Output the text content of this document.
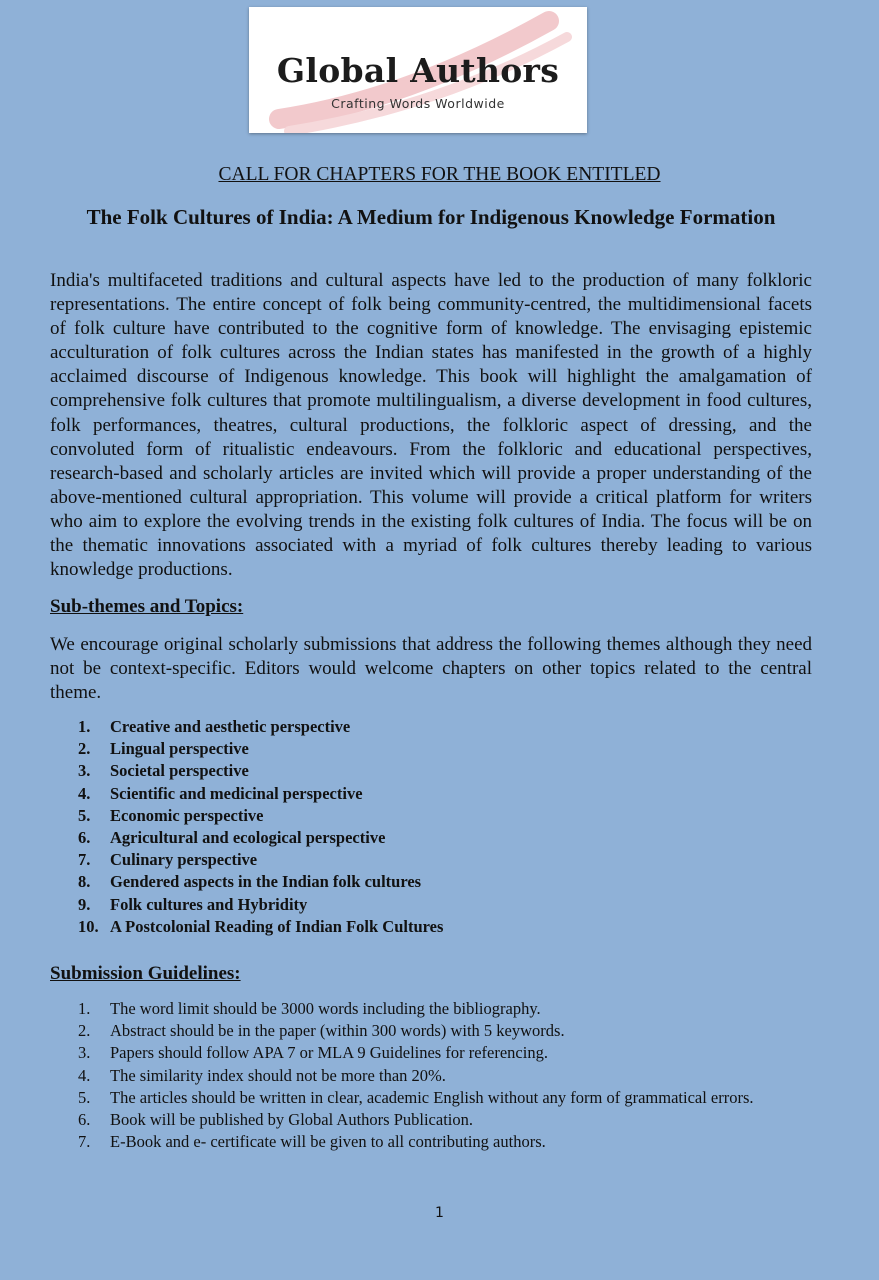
Global Authors
Crafting Words Worldwide
CALL FOR CHAPTERS FOR THE BOOK ENTITLED
The Folk Cultures of India: A Medium for Indigenous Knowledge Formation

India's multifaceted traditions and cultural aspects have led to the production of many folkloric representations. The entire concept of folk being community-centred, the multidimensional facets of folk culture have contributed to the cognitive form of knowledge. The envisaging epistemic acculturation of folk cultures across the Indian states has manifested in the growth of a highly acclaimed discourse of Indigenous knowledge. This book will highlight the amalgamation of comprehensive folk cultures that promote multilingualism, a diverse development in food cultures, folk performances, theatres, cultural productions, the folkloric aspect of dressing, and the convoluted form of ritualistic endeavours. From the folkloric and educational perspectives, research-based and scholarly articles are invited which will provide a proper understanding of the above-mentioned cultural appropriation. This volume will provide a critical platform for writers who aim to explore the evolving trends in the existing folk cultures of India. The focus will be on the thematic innovations associated with a myriad of folk cultures thereby leading to various knowledge productions.

Sub-themes and Topics:

We encourage original scholarly submissions that address the following themes although they need not be context-specific. Editors would welcome chapters on other topics related to the central theme.

1. Creative and aesthetic perspective
2. Lingual perspective
3. Societal perspective
4. Scientific and medicinal perspective
5. Economic perspective
6. Agricultural and ecological perspective
7. Culinary perspective
8. Gendered aspects in the Indian folk cultures
9. Folk cultures and Hybridity
10. A Postcolonial Reading of Indian Folk Cultures
Submission Guidelines:
1. The word limit should be 3000 words including the bibliography.
2. Abstract should be in the paper (within 300 words) with 5 keywords.
3. Papers should follow APA 7 or MLA 9 Guidelines for referencing.
4. The similarity index should not be more than 20%.
5. The articles should be written in clear, academic English without any form of grammatical errors.
6. Book will be published by Global Authors Publication.
7. E-Book and e- certificate will be given to all contributing authors.
1
